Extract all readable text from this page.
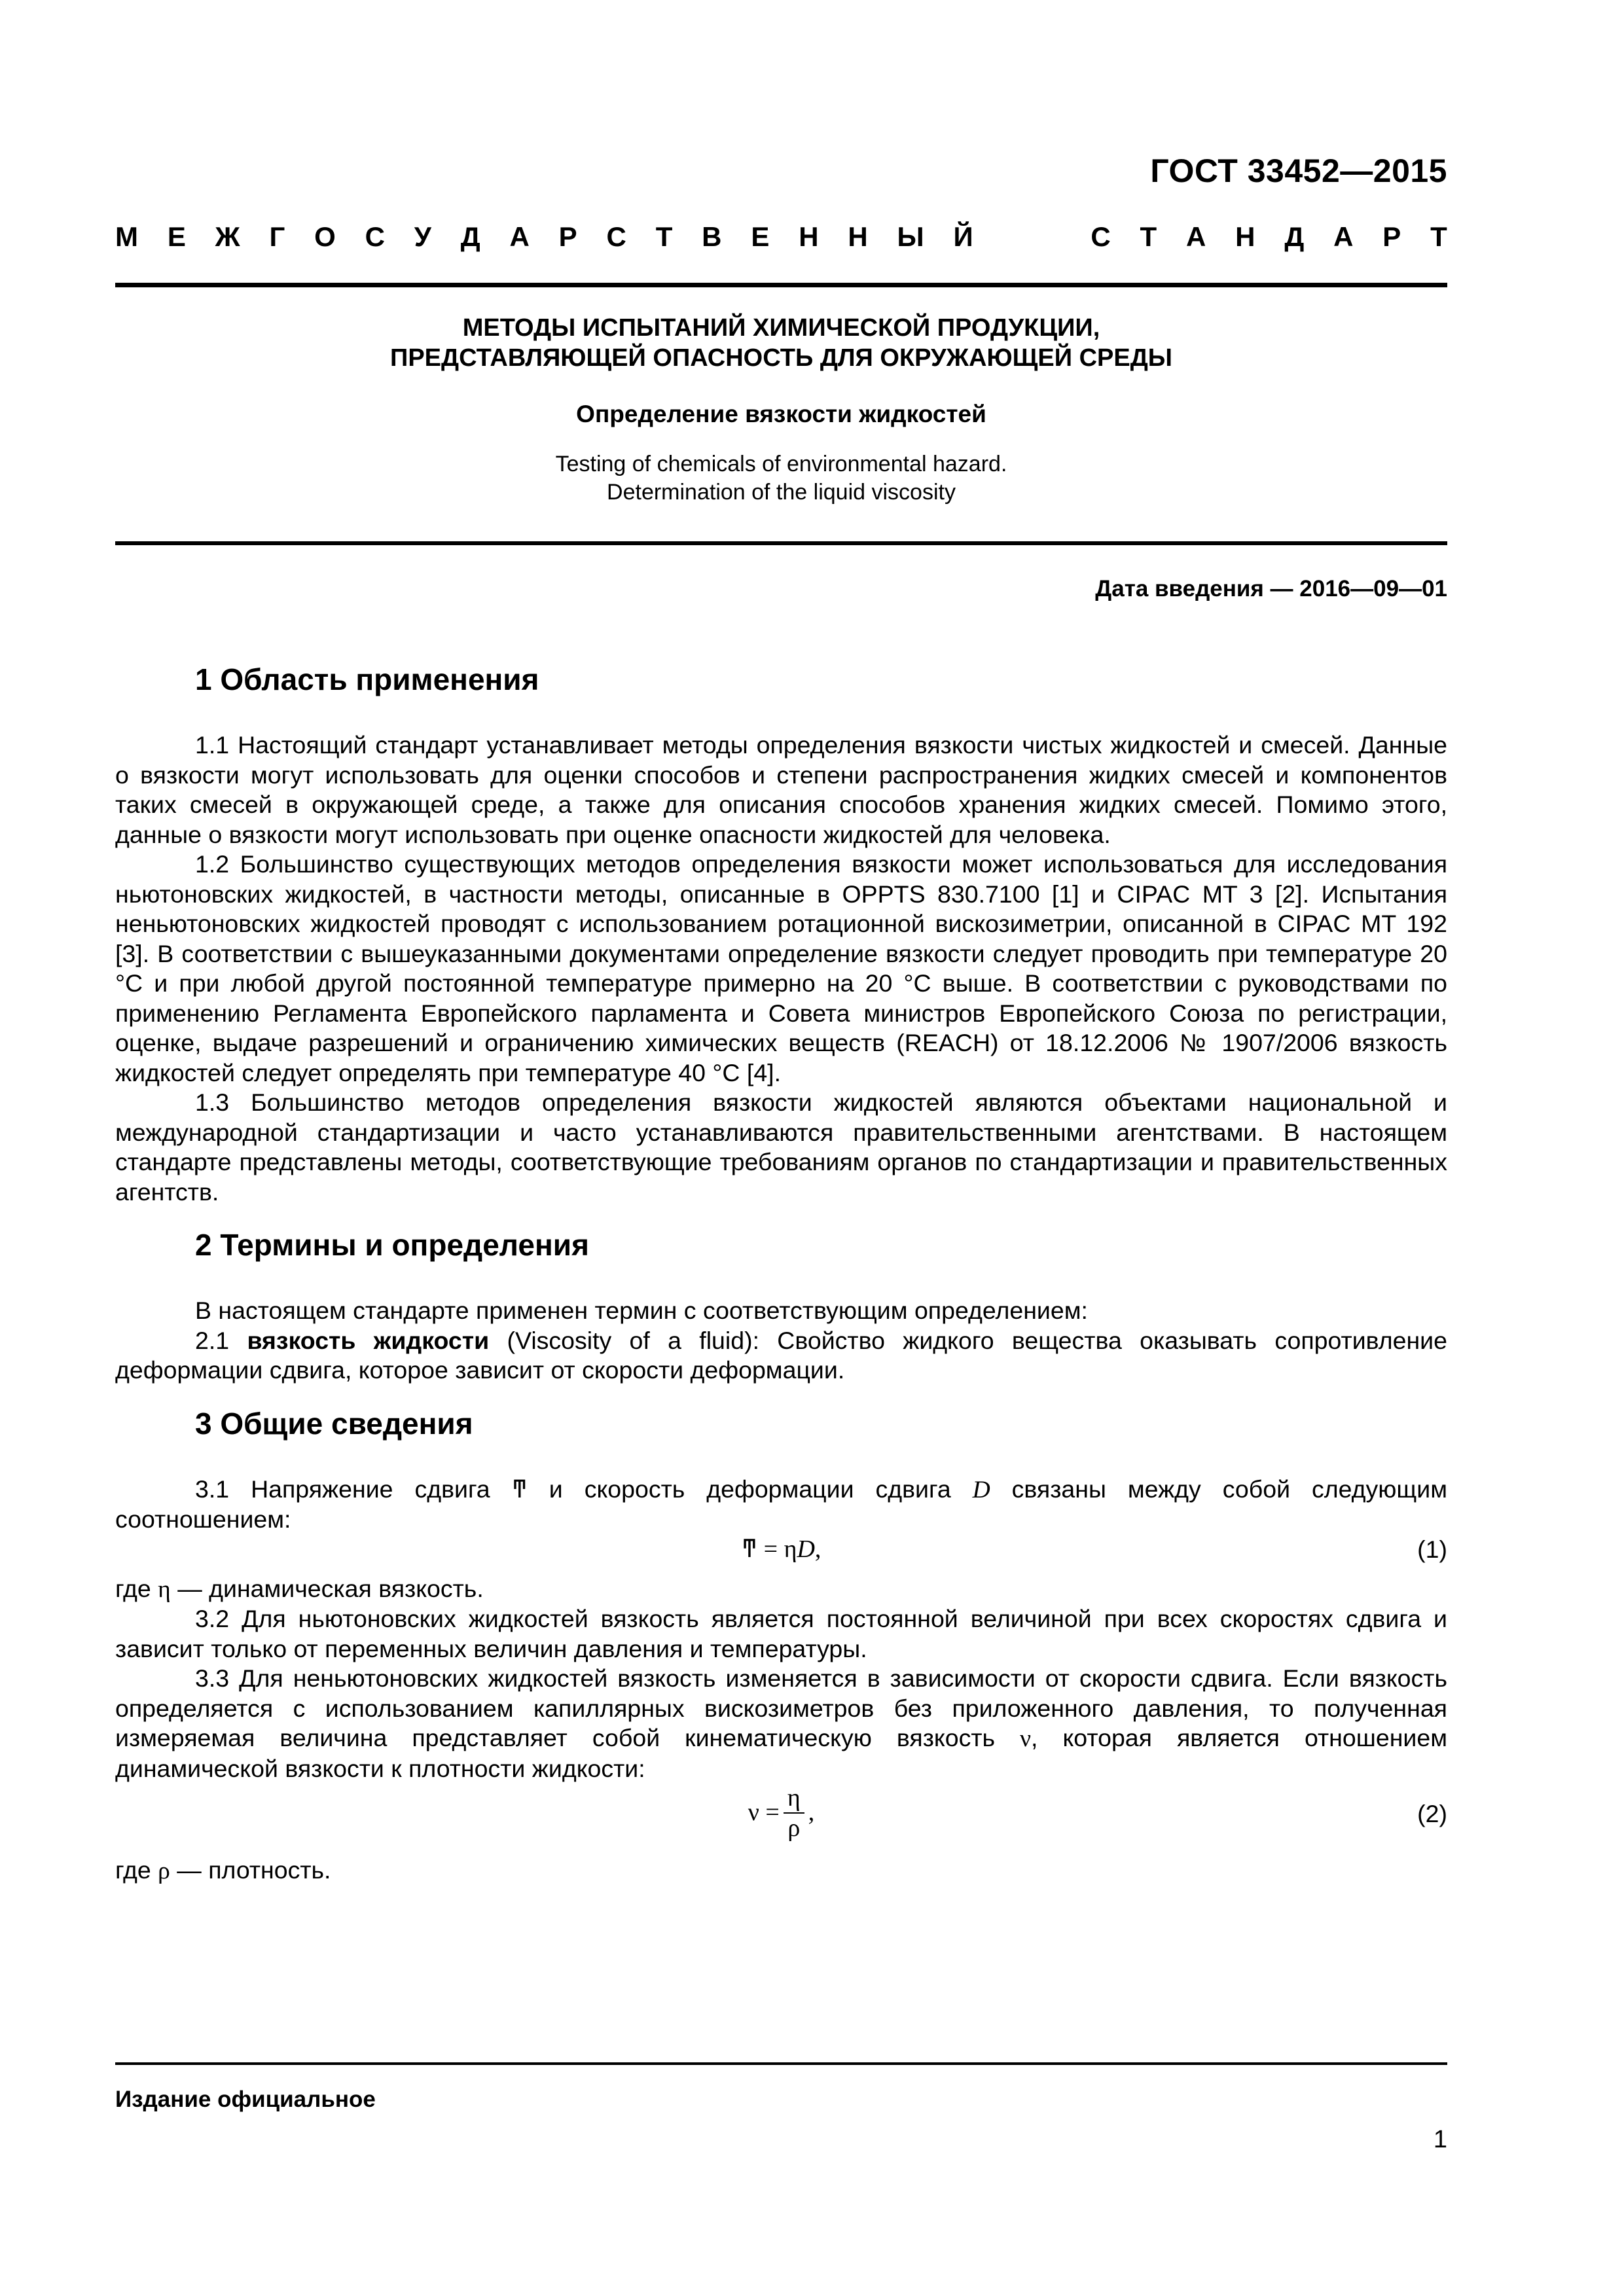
ГОСТ 33452—2015
М Е Ж Г О С У Д А Р С Т В Е Н Н Ы Й	С Т А Н Д А Р Т
МЕТОДЫ ИСПЫТАНИЙ ХИМИЧЕСКОЙ ПРОДУКЦИИ,
ПРЕДСТАВЛЯЮЩЕЙ ОПАСНОСТЬ ДЛЯ ОКРУЖАЮЩЕЙ СРЕДЫ
Определение вязкости жидкостей
Testing of chemicals of environmental hazard.
Determination of the liquid viscosity
Дата введения — 2016—09—01
1 Область применения

1.1 Настоящий стандарт устанавливает методы определения вязкости чистых жидкостей и смесей. Данные о вязкости могут использовать для оценки способов и степени распространения жидких смесей и компонентов таких смесей в окружающей среде, а также для описания способов хранения жидких смесей. Помимо этого, данные о вязкости могут использовать при оценке опасности жидкостей для человека.

1.2 Большинство существующих методов определения вязкости может использоваться для исследования ньютоновских жидкостей, в частности методы, описанные в OPPTS 830.7100 [1] и CIPAC MT 3 [2]. Испытания неньютоновских жидкостей проводят с использованием ротационной вискозиметрии, описанной в CIPAC MT 192 [3]. В соответствии с вышеуказанными документами определение вязкости следует проводить при температуре 20 °С и при любой другой постоянной температуре примерно на 20 °С выше. В соответствии с руководствами по применению Регламента Европейского парламента и Совета министров Европейского Союза по регистрации, оценке, выдаче разрешений и ограничению химических веществ (REACH) от 18.12.2006 № 1907/2006 вязкость жидкостей следует определять при температуре 40 °С [4].

1.3 Большинство методов определения вязкости жидкостей являются объектами национальной и международной стандартизации и часто устанавливаются правительственными агентствами. В настоящем стандарте представлены методы, соответствующие требованиям органов по стандартизации и правительственных агентств.

2 Термины и определения

В настоящем стандарте применен термин с соответствующим определением:

2.1 вязкость жидкости (Viscosity of a fluid): Свойство жидкого вещества оказывать сопротивление деформации сдвига, которое зависит от скорости деформации.

3 Общие сведения

3.1 Напряжение сдвига ͳ и скорость деформации сдвига D связаны между собой следующим соотношением:

ͳ = ηD,	(1)

где η — динамическая вязкость.

3.2 Для ньютоновских жидкостей вязкость является постоянной величиной при всех скоростях сдвига и зависит только от переменных величин давления и температуры.

3.3 Для неньютоновских жидкостей вязкость изменяется в зависимости от скорости сдвига. Если вязкость определяется с использованием капиллярных вискозиметров без приложенного давления, то полученная измеряемая величина представляет собой кинематическую вязкость ν, которая является отношением динамической вязкости к плотности жидкости:

$\nu = \frac{\eta}{\rho}$ ,	(2)

где ρ — плотность.

Издание официальное
1
